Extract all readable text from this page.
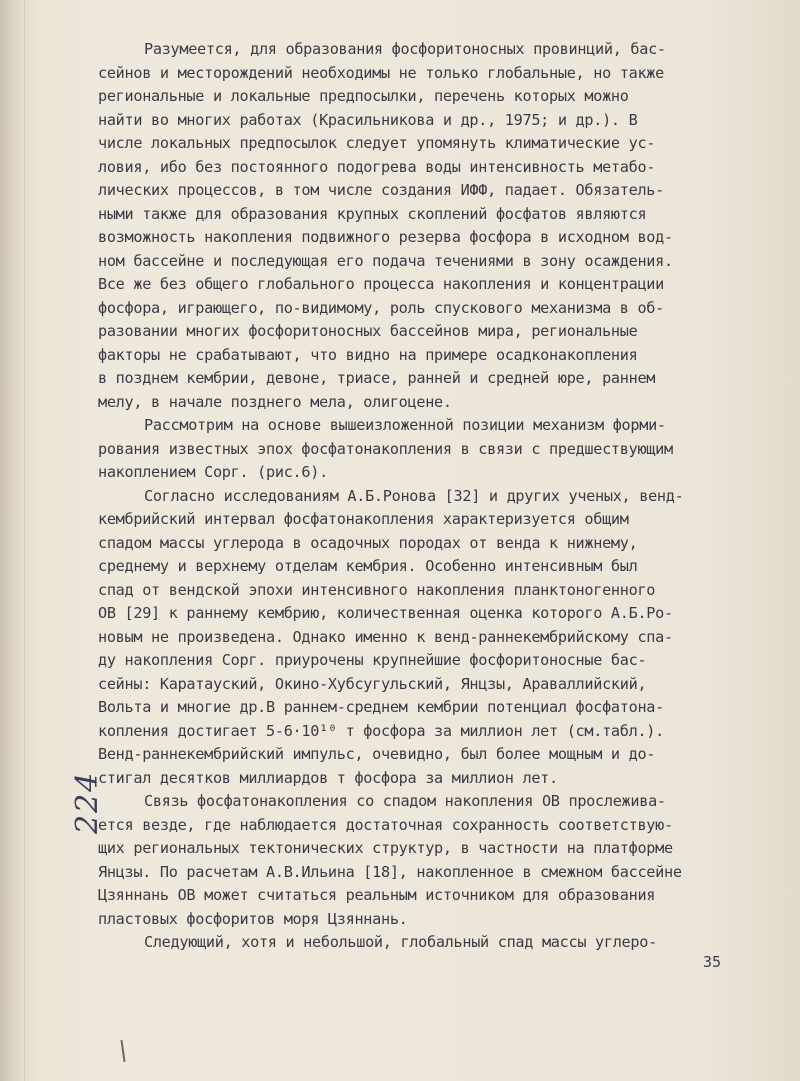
Разумеется, для образования фосфоритоносных провинций, бас-
сейнов и месторождений необходимы не только глобальные, но также
региональные и локальные предпосылки, перечень которых можно
найти во многих работах (Красильникова и др., 1975; и др.). В
числе локальных предпосылок следует упомянуть климатические ус-
ловия, ибо без постоянного подогрева воды интенсивность метабо-
лических процессов, в том числе создания ИФФ, падает. Обязатель-
ными также для образования крупных скоплений фосфатов являются
возможность накопления подвижного резерва фосфора в исходном вод-
ном бассейне и последующая его подача течениями в зону осаждения.
Все же без общего глобального процесса накопления и концентрации
фосфора, играющего, по-видимому, роль спускового механизма в об-
разовании многих фосфоритоносных бассейнов мира, региональные
факторы не срабатывают, что видно на примере осадконакопления
в позднем кембрии, девоне, триасе, ранней и средней юре, раннем
мелу, в начале позднего мела, олигоцене.
Рассмотрим на основе вышеизложенной позиции механизм форми-
рования известных эпох фосфатонакопления в связи с предшествующим
накоплением Cорг. (рис.6).
Согласно исследованиям А.Б.Ронова [32] и других ученых, венд-
кембрийский интервал фосфатонакопления характеризуется общим
спадом массы углерода в осадочных породах от венда к нижнему,
среднему и верхнему отделам кембрия. Особенно интенсивным был
спад от вендской эпохи интенсивного накопления планктоногенного
ОВ [29] к раннему кембрию, количественная оценка которого А.Б.Ро-
новым не произведена. Однако именно к венд-раннекембрийскому спа-
ду накопления Cорг. приурочены крупнейшие фосфоритоносные бас-
сейны: Каратауский, Окино-Хубсугульский, Янцзы, Араваллийский,
Вольта и многие др.В раннем-среднем кембрии потенциал фосфатона-
копления достигает 5-6·10¹⁰ т фосфора за миллион лет (см.табл.).
Венд-раннекембрийский импульс, очевидно, был более мощным и до-
стигал десятков миллиардов т фосфора за миллион лет.
Связь фосфатонакопления со спадом накопления ОВ прослежива-
ется везде, где наблюдается достаточная сохранность соответствую-
щих региональных тектонических структур, в частности на платформе
Янцзы. По расчетам А.В.Ильина [18], накопленное в смежном бассейне
Цзяннань ОВ может считаться реальным источником для образования
пластовых фосфоритов моря Цзяннань.
Следующий, хотя и небольшой, глобальный спад массы углеро-
224
35
